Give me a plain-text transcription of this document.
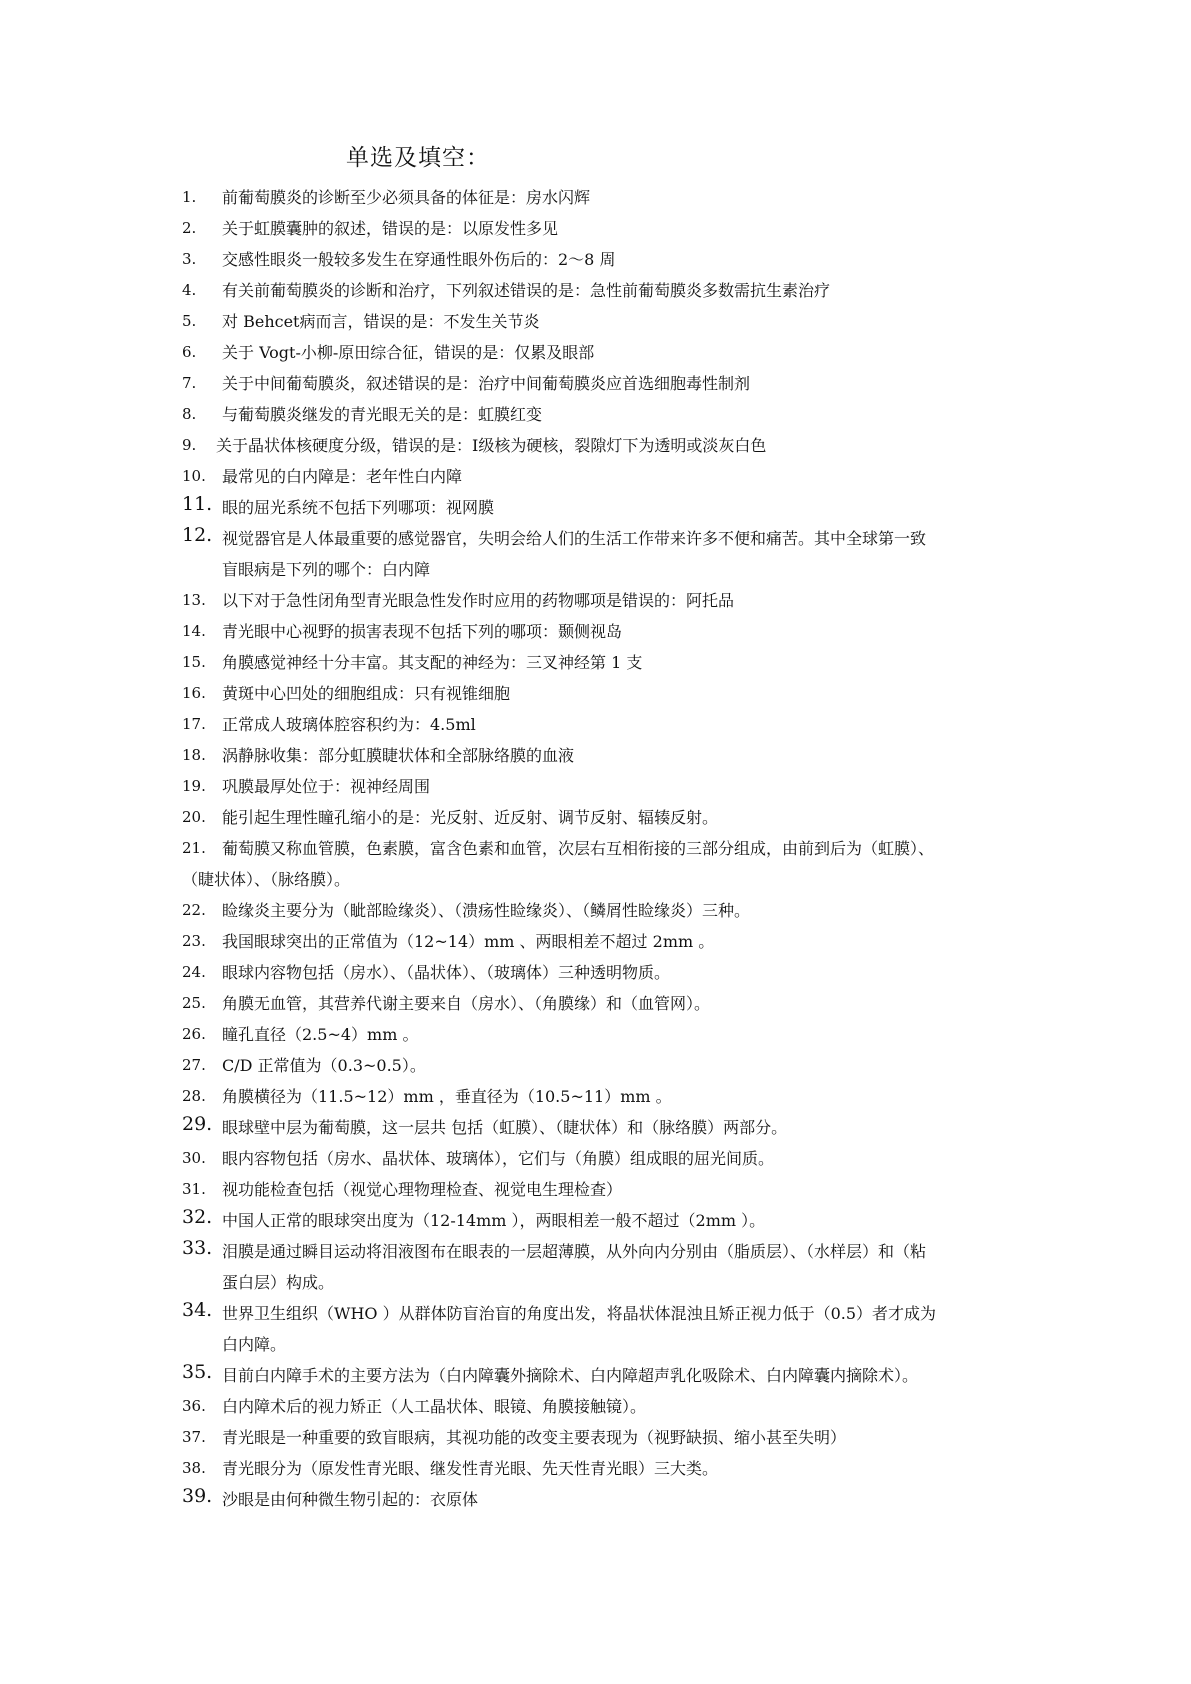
单选及填空：
1. 前葡萄膜炎的诊断至少必须具备的体征是：房水闪辉
2. 关于虹膜囊肿的叙述，错误的是：以原发性多见
3. 交感性眼炎一般较多发生在穿通性眼外伤后的：2～8 周
4. 有关前葡萄膜炎的诊断和治疗，下列叙述错误的是：急性前葡萄膜炎多数需抗生素治疗
5. 对 Behcet病而言，错误的是：不发生关节炎
6. 关于 Vogt-小柳-原田综合征，错误的是：仅累及眼部
7. 关于中间葡萄膜炎，叙述错误的是：治疗中间葡萄膜炎应首选细胞毒性制剂
8. 与葡萄膜炎继发的青光眼无关的是：虹膜红变
9. 关于晶状体核硬度分级，错误的是：Ⅰ级核为硬核，裂隙灯下为透明或淡灰白色
10. 最常见的白内障是：老年性白内障
11. 眼的屈光系统不包括下列哪项：视网膜
12. 视觉器官是人体最重要的感觉器官，失明会给人们的生活工作带来许多不便和痛苦。其中全球第一致
盲眼病是下列的哪个：白内障
13. 以下对于急性闭角型青光眼急性发作时应用的药物哪项是错误的：阿托品
14. 青光眼中心视野的损害表现不包括下列的哪项：颞侧视岛
15. 角膜感觉神经十分丰富。其支配的神经为：三叉神经第 1 支
16. 黄斑中心凹处的细胞组成：只有视锥细胞
17. 正常成人玻璃体腔容积约为：4.5ml
18. 涡静脉收集：部分虹膜睫状体和全部脉络膜的血液
19. 巩膜最厚处位于：视神经周围
20. 能引起生理性瞳孔缩小的是：光反射、近反射、调节反射、辐辏反射。
21. 葡萄膜又称血管膜，色素膜，富含色素和血管，次层右互相衔接的三部分组成，由前到后为（虹膜）、
（睫状体）、（脉络膜）。
22. 睑缘炎主要分为（眦部睑缘炎）、（溃疡性睑缘炎）、（鳞屑性睑缘炎）三种。
23. 我国眼球突出的正常值为（12~14）mm 、两眼相差不超过 2mm 。
24. 眼球内容物包括（房水）、（晶状体）、（玻璃体）三种透明物质。
25. 角膜无血管，其营养代谢主要来自（房水）、（角膜缘）和（血管网）。
26. 瞳孔直径（2.5~4）mm 。
27. C/D 正常值为（0.3~0.5）。
28. 角膜横径为（11.5~12）mm ，垂直径为（10.5~11）mm 。
29. 眼球壁中层为葡萄膜，这一层共 包括（虹膜）、（睫状体）和（脉络膜）两部分。
30. 眼内容物包括（房水、晶状体、玻璃体），它们与（角膜）组成眼的屈光间质。
31. 视功能检查包括（视觉心理物理检查、视觉电生理检查）
32. 中国人正常的眼球突出度为（12-14mm ），两眼相差一般不超过（2mm ）。
33. 泪膜是通过瞬目运动将泪液图布在眼表的一层超薄膜，从外向内分别由（脂质层）、（水样层）和（粘
蛋白层）构成。
34. 世界卫生组织（WHO ）从群体防盲治盲的角度出发，将晶状体混浊且矫正视力低于（0.5）者才成为
白内障。
35. 目前白内障手术的主要方法为（白内障囊外摘除术、白内障超声乳化吸除术、白内障囊内摘除术）。
36. 白内障术后的视力矫正（人工晶状体、眼镜、角膜接触镜）。
37. 青光眼是一种重要的致盲眼病，其视功能的改变主要表现为（视野缺损、缩小甚至失明）
38. 青光眼分为（原发性青光眼、继发性青光眼、先天性青光眼）三大类。
39. 沙眼是由何种微生物引起的：衣原体
